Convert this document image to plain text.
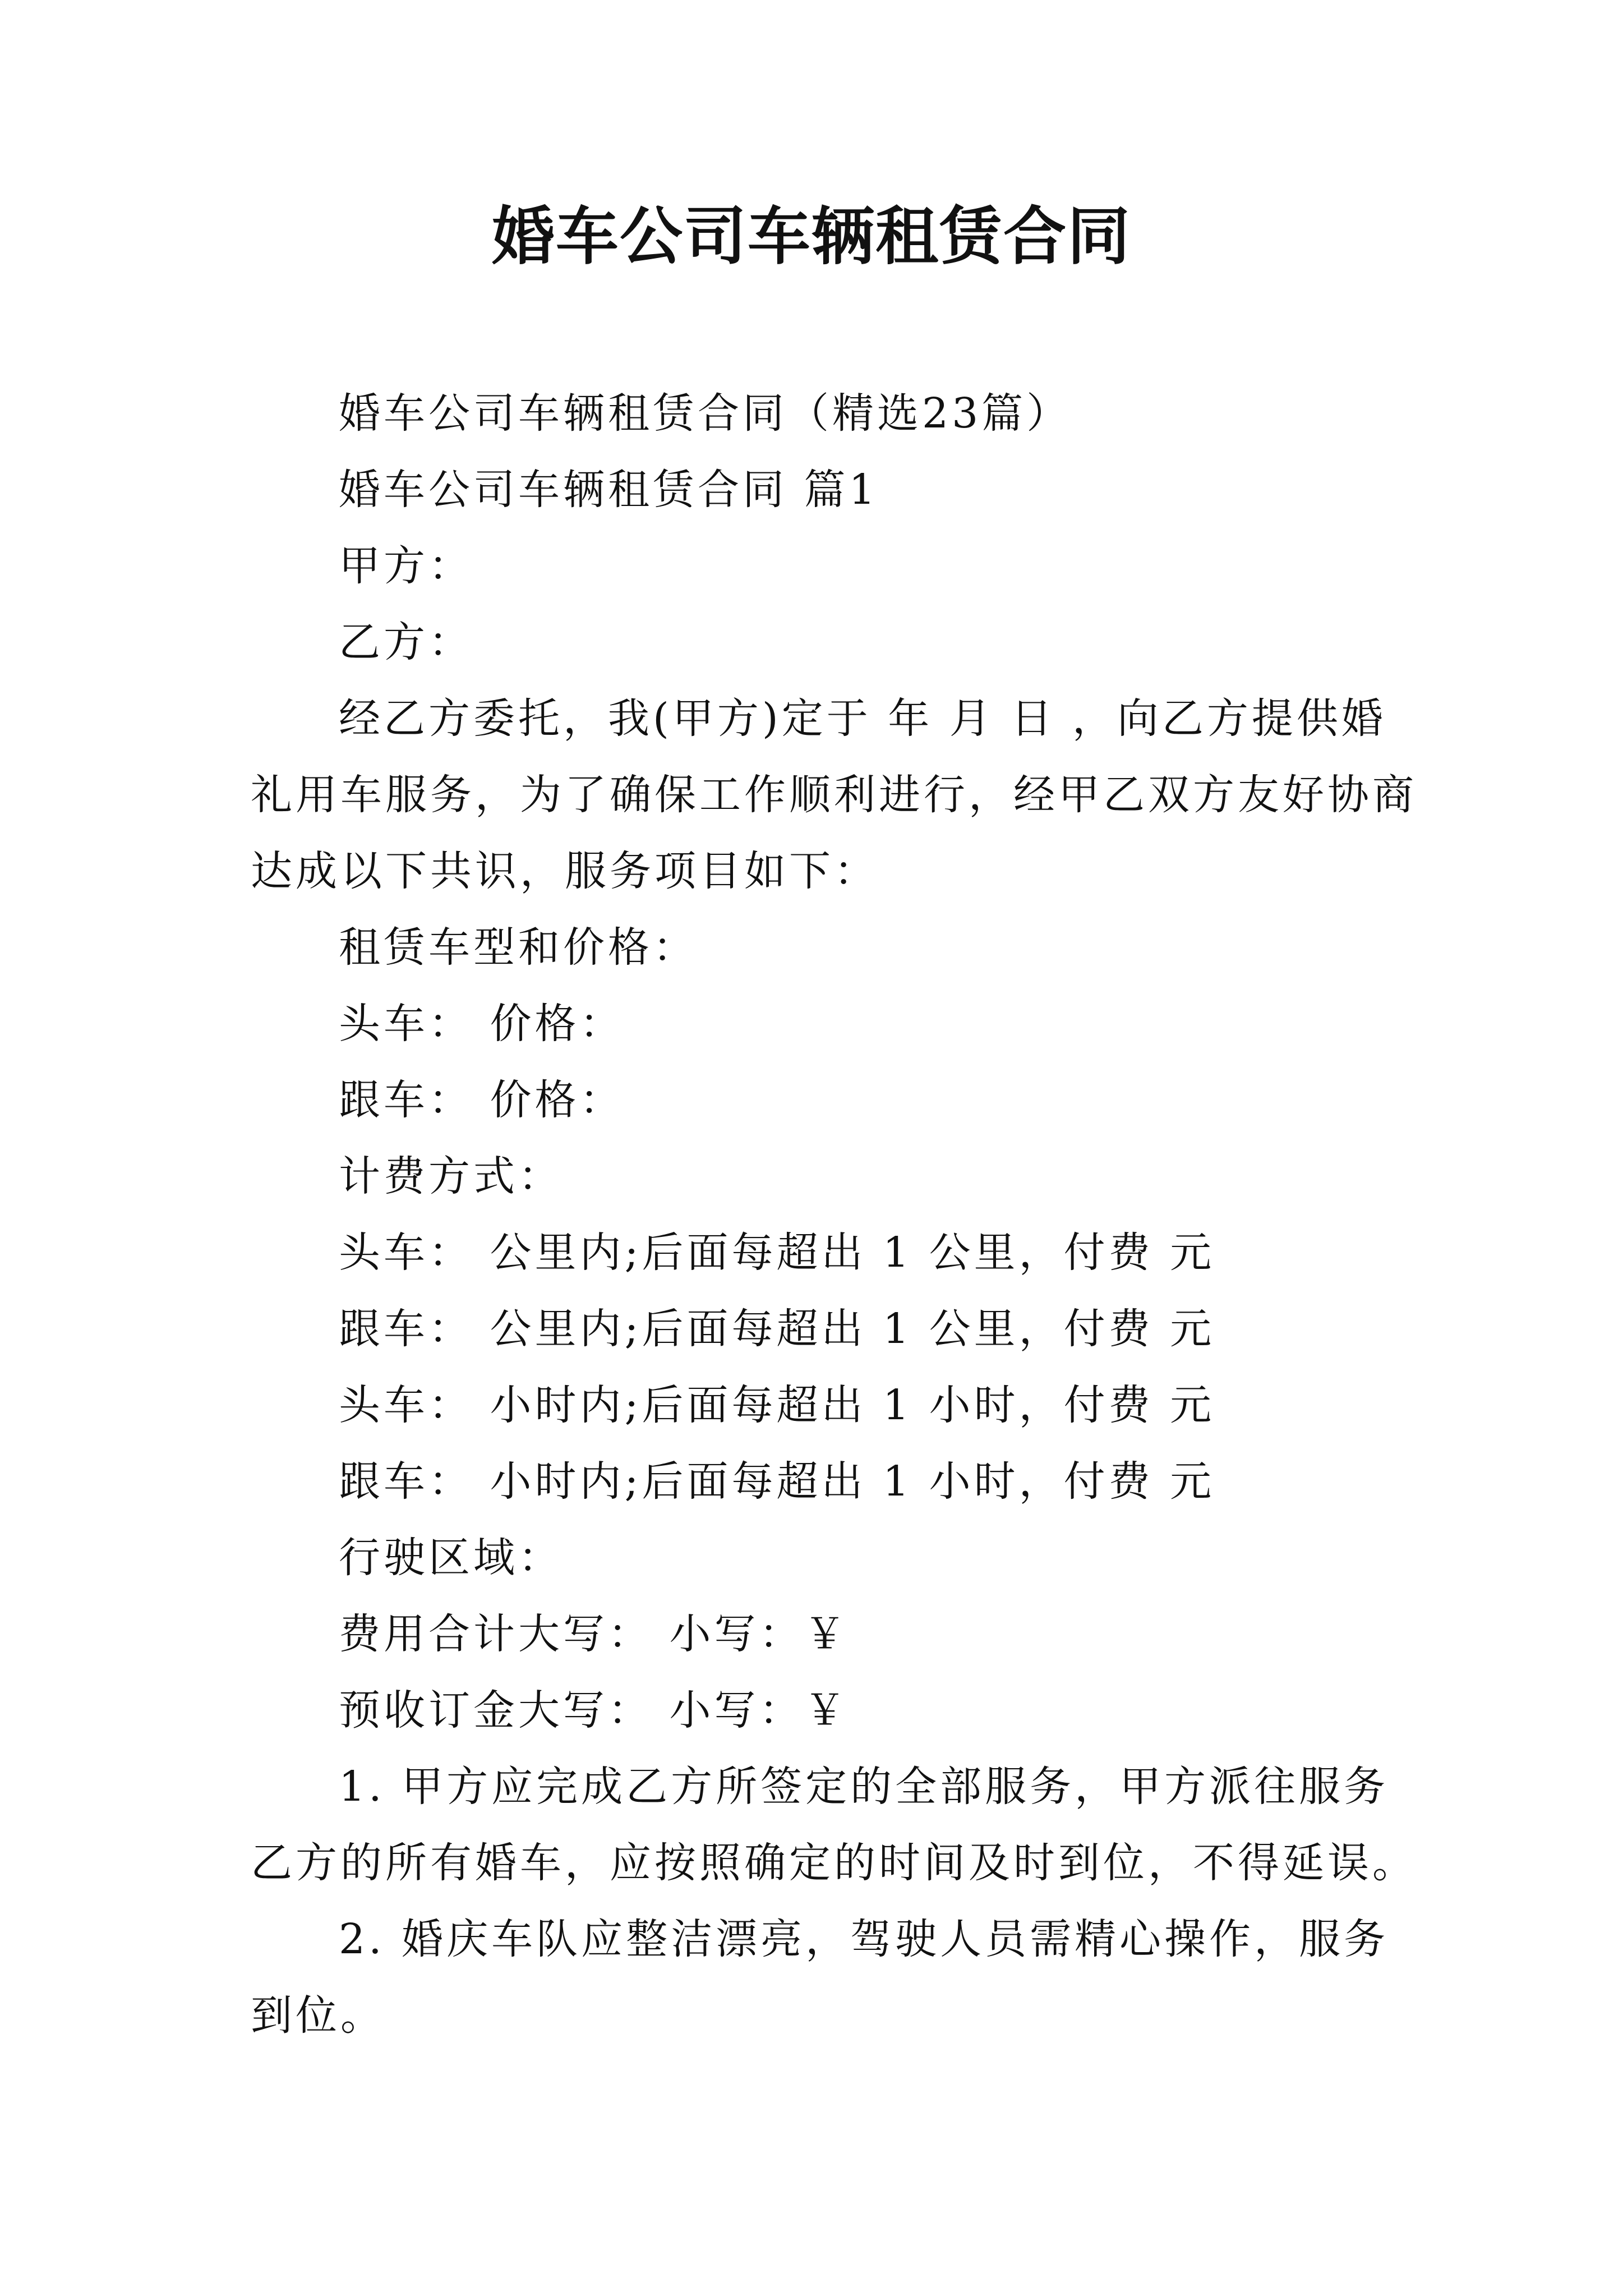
婚车公司车辆租赁合同
婚车公司车辆租赁合同（精选23篇）
婚车公司车辆租赁合同 篇1
甲方：
乙方：
经乙方委托，我(甲方)定于 年 月 日 ，向乙方提供婚
礼用车服务，为了确保工作顺利进行，经甲乙双方友好协商
达成以下共识，服务项目如下：
租赁车型和价格：
头车： 价格：
跟车： 价格：
计费方式：
头车： 公里内;后面每超出 1 公里，付费 元
跟车： 公里内;后面每超出 1 公里，付费 元
头车： 小时内;后面每超出 1 小时，付费 元
跟车： 小时内;后面每超出 1 小时，付费 元
行驶区域：
费用合计大写： 小写：￥
预收订金大写： 小写：￥
1. 甲方应完成乙方所签定的全部服务，甲方派往服务
乙方的所有婚车，应按照确定的时间及时到位，不得延误。
2. 婚庆车队应整洁漂亮，驾驶人员需精心操作，服务
到位。
